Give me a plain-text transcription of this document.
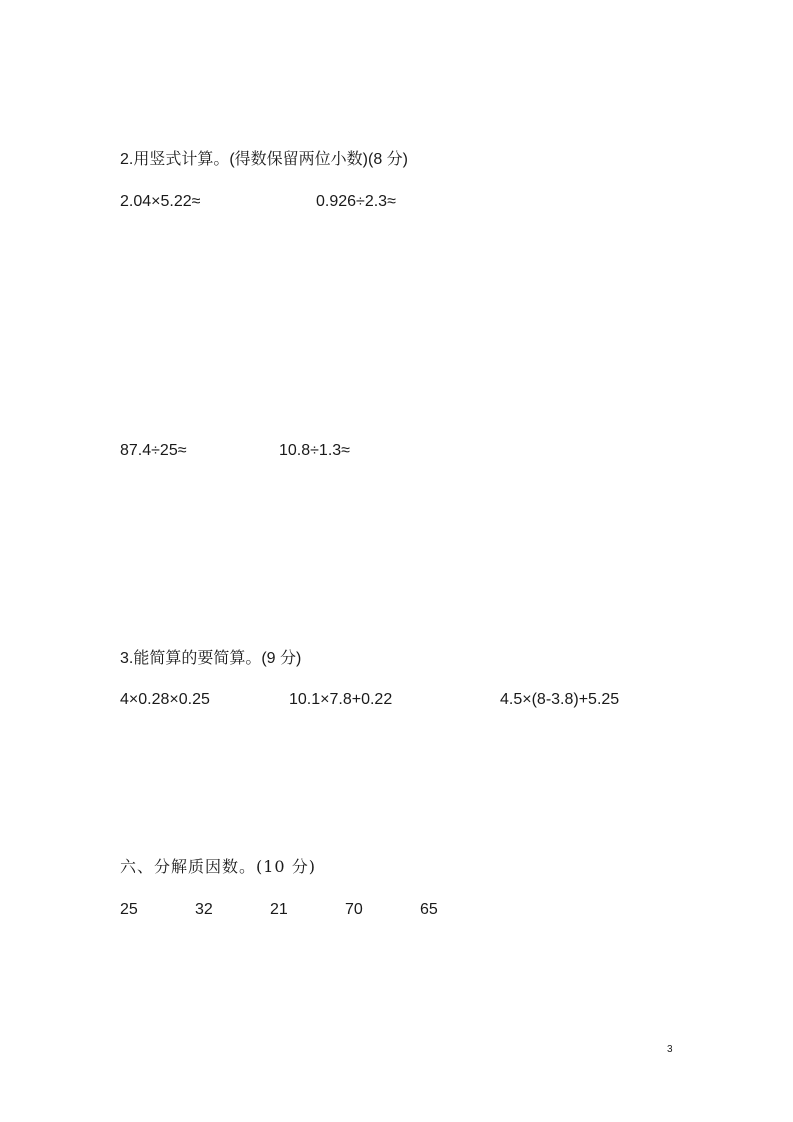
2.用竖式计算。(得数保留两位小数)(8 分)
2.04×5.22≈	0.926÷2.3≈
87.4÷25≈	10.8÷1.3≈
3.能简算的要简算。(9 分)
4×0.28×0.25	10.1×7.8+0.22	4.5×(8-3.8)+5.25
六、分解质因数。(10 分)
25	32	21	70	65
3
